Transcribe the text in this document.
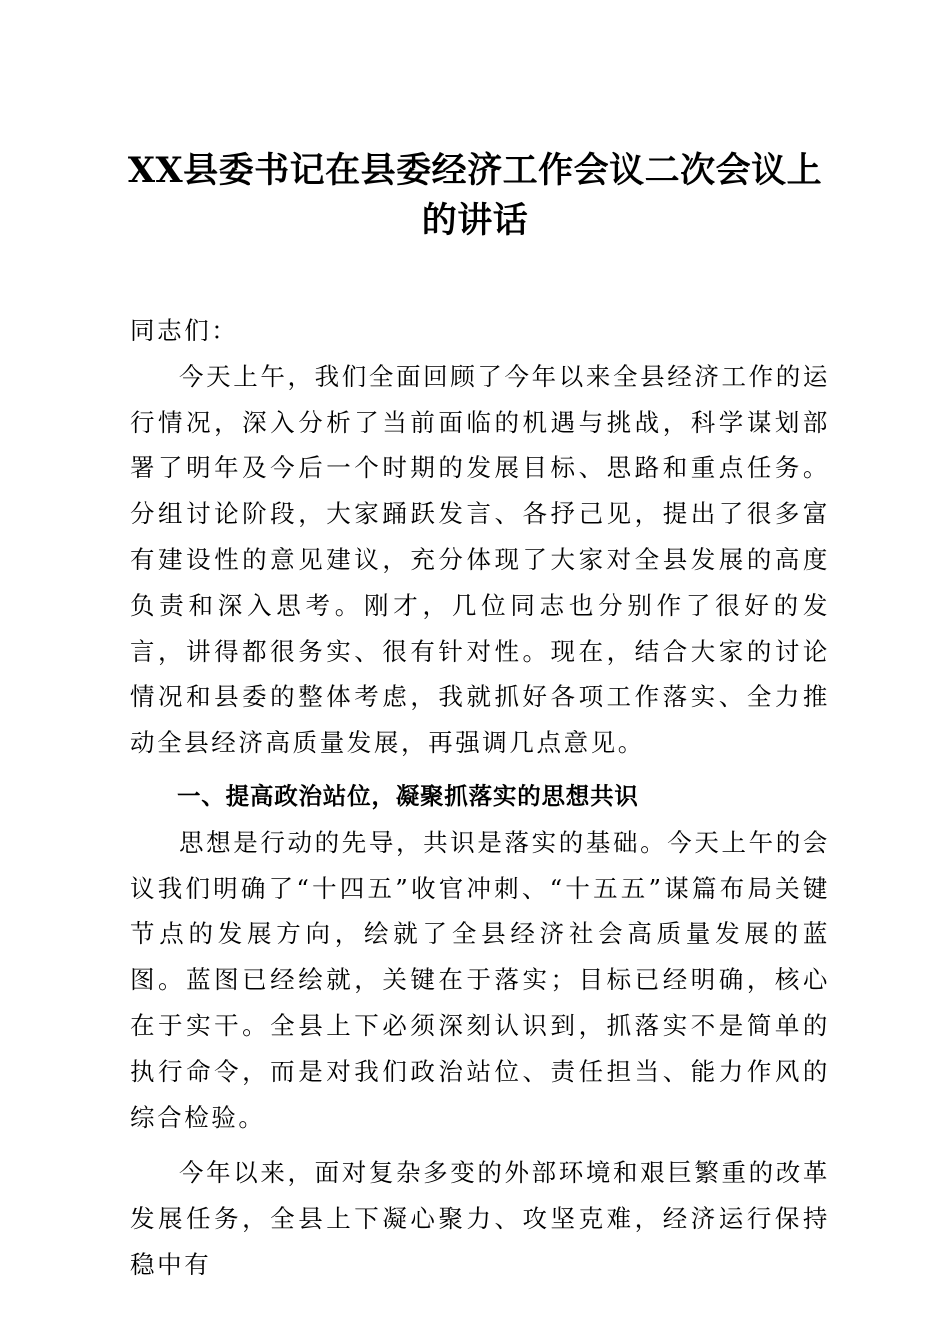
XX县委书记在县委经济工作会议二次会议上
的讲话

同志们：

今天上午，我们全面回顾了今年以来全县经济工作的运行情况，深入分析了当前面临的机遇与挑战，科学谋划部署了明年及今后一个时期的发展目标、思路和重点任务。分组讨论阶段，大家踊跃发言、各抒己见，提出了很多富有建设性的意见建议，充分体现了大家对全县发展的高度负责和深入思考。刚才，几位同志也分别作了很好的发言，讲得都很务实、很有针对性。现在，结合大家的讨论情况和县委的整体考虑，我就抓好各项工作落实、全力推动全县经济高质量发展，再强调几点意见。

一、提高政治站位，凝聚抓落实的思想共识

思想是行动的先导，共识是落实的基础。今天上午的会议我们明确了“十四五”收官冲刺、“十五五”谋篇布局关键节点的发展方向，绘就了全县经济社会高质量发展的蓝图。蓝图已经绘就，关键在于落实；目标已经明确，核心在于实干。全县上下必须深刻认识到，抓落实不是简单的执行命令，而是对我们政治站位、责任担当、能力作风的综合检验。

今年以来，面对复杂多变的外部环境和艰巨繁重的改革发展任务，全县上下凝心聚力、攻坚克难，经济运行保持稳中有
